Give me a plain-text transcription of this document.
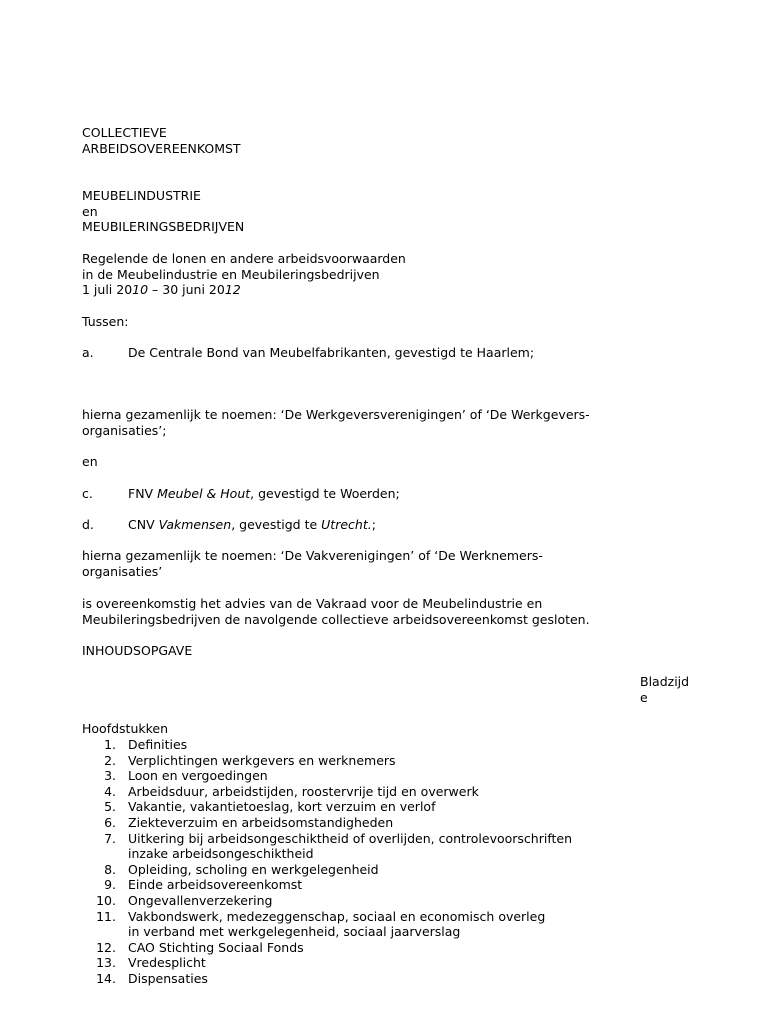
COLLECTIEVE
ARBEIDSOVEREENKOMST
MEUBELINDUSTRIE
en
MEUBILERINGSBEDRIJVEN
Regelende de lonen en andere arbeidsvoorwaarden
in de Meubelindustrie en Meubileringsbedrijven
1 juli 2010 – 30 juni 2012
Tussen:
a.	De Centrale Bond van Meubelfabrikanten, gevestigd te Haarlem;
hierna gezamenlijk te noemen: ‘De Werkgeversverenigingen’ of ‘De Werkgevers-
organisaties’;
en
c.	FNV Meubel & Hout, gevestigd te Woerden;
d.	CNV Vakmensen, gevestigd te Utrecht.;
hierna gezamenlijk te noemen: ‘De Vakverenigingen’ of ‘De Werknemers-
organisaties’
is overeenkomstig het advies van de Vakraad voor de Meubelindustrie en
Meubileringsbedrijven de navolgende collectieve arbeidsovereenkomst gesloten.
INHOUDSOPGAVE
Bladzijd
e
Hoofdstukken
1. Definities
2. Verplichtingen werkgevers en werknemers
3. Loon en vergoedingen
4. Arbeidsduur, arbeidstijden, roostervrije tijd en overwerk
5. Vakantie, vakantietoeslag, kort verzuim en verlof
6. Ziekteverzuim en arbeidsomstandigheden
7. Uitkering bij arbeidsongeschiktheid of overlijden, controlevoorschriften
inzake arbeidsongeschiktheid
8. Opleiding, scholing en werkgelegenheid
9. Einde arbeidsovereenkomst
10. Ongevallenverzekering
11. Vakbondswerk, medezeggenschap, sociaal en economisch overleg
in verband met werkgelegenheid, sociaal jaarverslag
12. CAO Stichting Sociaal Fonds
13. Vredesplicht
14. Dispensaties
